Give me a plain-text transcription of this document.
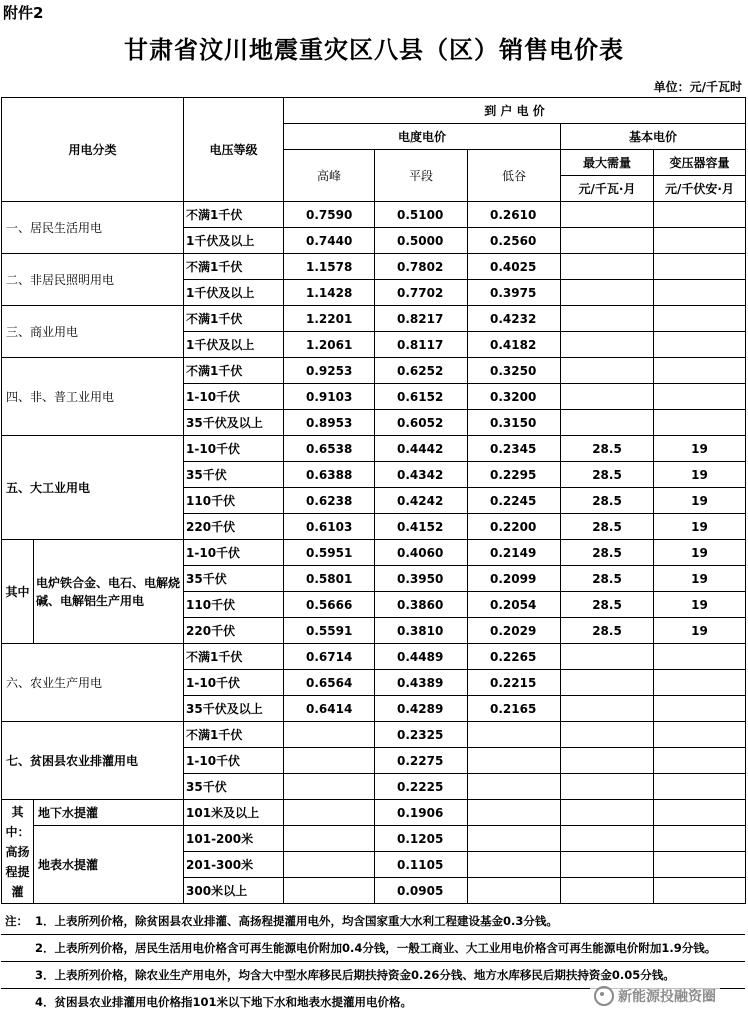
附件2
甘肃省汶川地震重灾区八县（区）销售电价表
单位：元/千瓦时
用电分类		电压等级	到 户 电 价				
			电度电价			基本电价	
			高峰	平段	低谷	最大需量	变压器容量
						元/千瓦·月	元/千伏安·月
一、居民生活用电		不满1千伏	0.7590	0.5100	0.2610		
		1千伏及以上	0.7440	0.5000	0.2560		
二、非居民照明用电		不满1千伏	1.1578	0.7802	0.4025		
		1千伏及以上	1.1428	0.7702	0.3975		
三、商业用电		不满1千伏	1.2201	0.8217	0.4232		
		1千伏及以上	1.2061	0.8117	0.4182		
四、非、普工业用电		不满1千伏	0.9253	0.6252	0.3250		
		1-10千伏	0.9103	0.6152	0.3200		
		35千伏及以上	0.8953	0.6052	0.3150		
五、大工业用电		1-10千伏	0.6538	0.4442	0.2345	28.5	19
		35千伏	0.6388	0.4342	0.2295	28.5	19
		110千伏	0.6238	0.4242	0.2245	28.5	19
		220千伏	0.6103	0.4152	0.2200	28.5	19
其中	电炉铁合金、电石、电解烧碱、电解铝生产用电	1-10千伏	0.5951	0.4060	0.2149	28.5	19
		35千伏	0.5801	0.3950	0.2099	28.5	19
		110千伏	0.5666	0.3860	0.2054	28.5	19
		220千伏	0.5591	0.3810	0.2029	28.5	19
六、农业生产用电		不满1千伏	0.6714	0.4489	0.2265		
		1-10千伏	0.6564	0.4389	0.2215		
		35千伏及以上	0.6414	0.4289	0.2165		
七、贫困县农业排灌用电		不满1千伏		0.2325			
		1-10千伏		0.2275			
		35千伏		0.2225			
其中：高扬程提灌	地下水提灌	101米及以上		0.1906			
	地表水提灌	101-200米		0.1205			
		201-300米		0.1105			
		300米以上		0.0905			
注： 1．上表所列价格，除贫困县农业排灌、高扬程提灌用电外，均含国家重大水利工程建设基金0.3分钱。
2．上表所列价格，居民生活用电价格含可再生能源电价附加0.4分钱，一般工商业、大工业用电价格含可再生能源电价附加1.9分钱。
3．上表所列价格，除农业生产用电外，均含大中型水库移民后期扶持资金0.26分钱、地方水库移民后期扶持资金0.05分钱。
4．贫困县农业排灌用电价格指101米以下地下水和地表水提灌用电价格。	新能源投融资圈
